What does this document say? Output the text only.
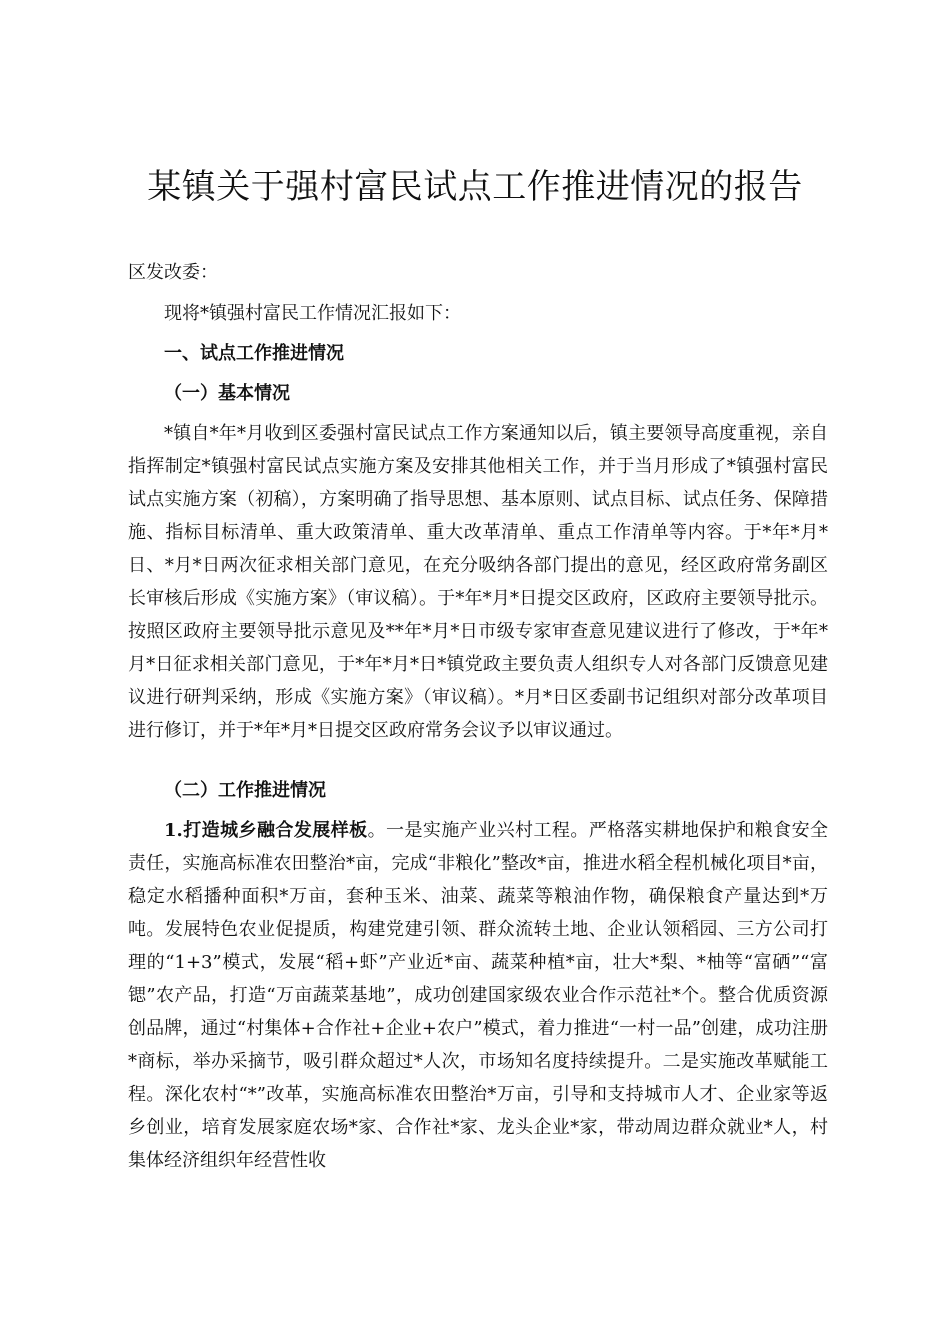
某镇关于强村富民试点工作推进情况的报告

区发改委：

现将*镇强村富民工作情况汇报如下：

一、试点工作推进情况

（一）基本情况

*镇自*年*月收到区委强村富民试点工作方案通知以后，镇主要领导高度重视，亲自指挥制定*镇强村富民试点实施方案及安排其他相关工作，并于当月形成了*镇强村富民试点实施方案（初稿），方案明确了指导思想、基本原则、试点目标、试点任务、保障措施、指标目标清单、重大政策清单、重大改革清单、重点工作清单等内容。于*年*月*日、*月*日两次征求相关部门意见，在充分吸纳各部门提出的意见，经区政府常务副区长审核后形成《实施方案》（审议稿）。于*年*月*日提交区政府，区政府主要领导批示。按照区政府主要领导批示意见及**年*月*日市级专家审查意见建议进行了修改，于*年*月*日征求相关部门意见，于*年*月*日*镇党政主要负责人组织专人对各部门反馈意见建议进行研判采纳，形成《实施方案》（审议稿）。*月*日区委副书记组织对部分改革项目进行修订，并于*年*月*日提交区政府常务会议予以审议通过。

（二）工作推进情况

1.打造城乡融合发展样板。一是实施产业兴村工程。严格落实耕地保护和粮食安全责任，实施高标准农田整治*亩，完成“非粮化”整改*亩，推进水稻全程机械化项目*亩，稳定水稻播种面积*万亩，套种玉米、油菜、蔬菜等粮油作物，确保粮食产量达到*万吨。发展特色农业促提质，构建党建引领、群众流转土地、企业认领稻园、三方公司打理的“1+3”模式，发展“稻+虾”产业近*亩、蔬菜种植*亩，壮大*梨、*柚等“富硒”“富锶”农产品，打造“万亩蔬菜基地”，成功创建国家级农业合作示范社*个。整合优质资源创品牌，通过“村集体+合作社+企业+农户”模式，着力推进“一村一品”创建，成功注册*商标，举办采摘节，吸引群众超过*人次，市场知名度持续提升。二是实施改革赋能工程。深化农村“*”改革，实施高标准农田整治*万亩，引导和支持城市人才、企业家等返乡创业，培育发展家庭农场*家、合作社*家、龙头企业*家，带动周边群众就业*人，村集体经济组织年经营性收
